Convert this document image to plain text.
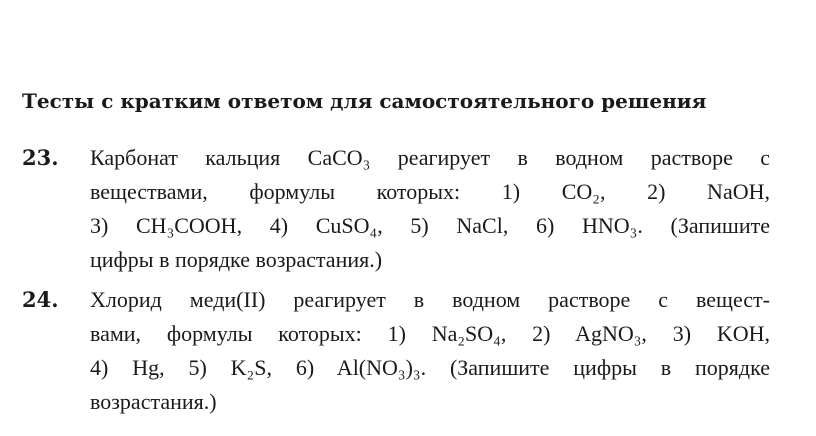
Тесты с кратким ответом для самостоятельного решения
23. Карбонат кальция CaCO₃ реагирует в водном растворе с
веществами, формулы которых: 1) CO₂, 2) NaOH,
3) CH₃COOH, 4) CuSO₄, 5) NaCl, 6) HNO₃. (Запишите
цифры в порядке возрастания.)
24. Хлорид меди(II) реагирует в водном растворе с вещест-
вами, формулы которых: 1) Na₂SO₄, 2) AgNO₃, 3) KOH,
4) Hg, 5) K₂S, 6) Al(NO₃)₃. (Запишите цифры в порядке
возрастания.)
